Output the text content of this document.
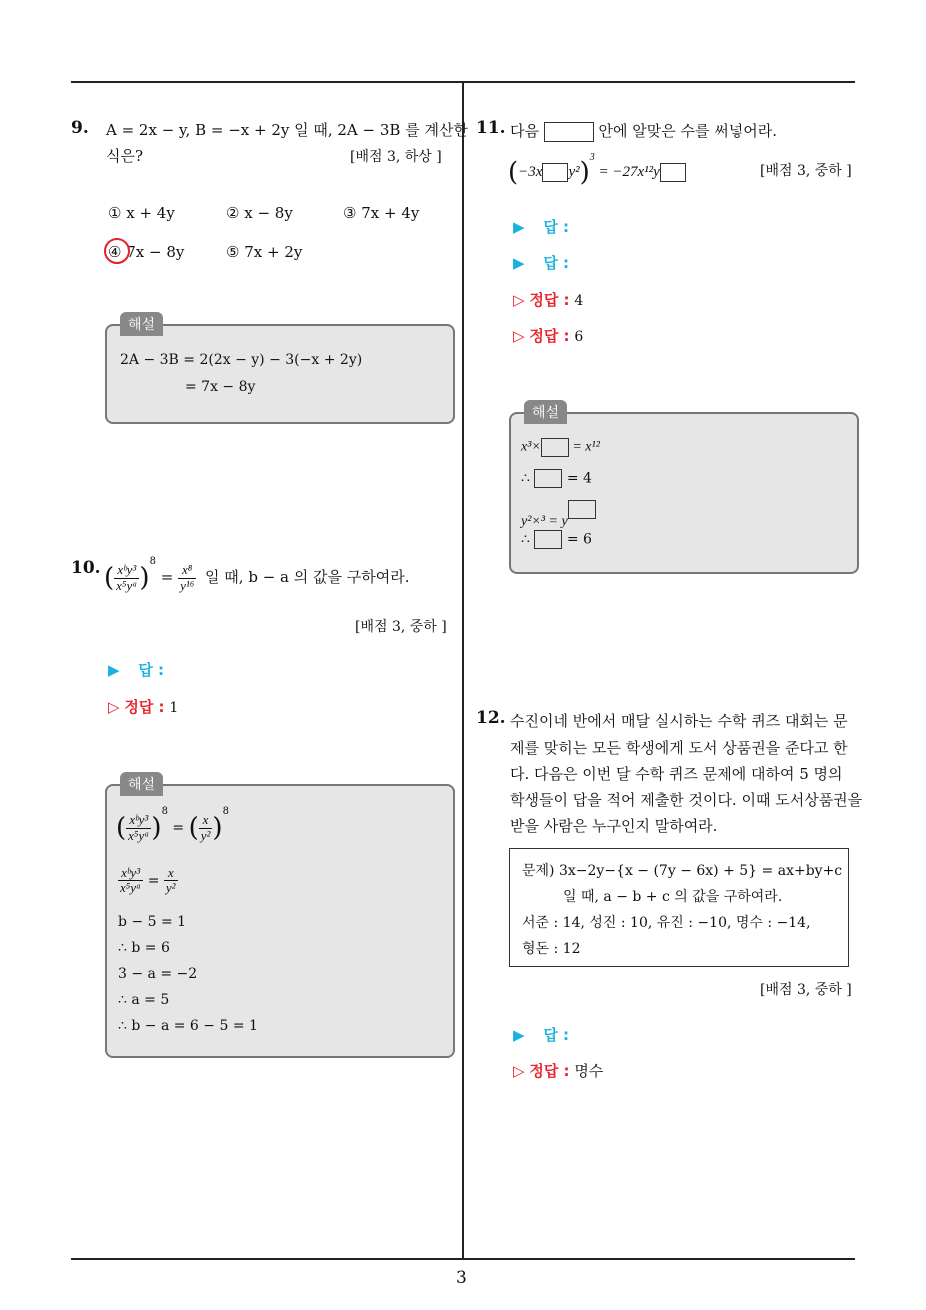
3
9. A = 2x − y, B = −x + 2y 일 때, 2A − 3B 를 계산한
식은?	[배점 3, 하상 ]
① x + 4y	② x − 8y	③ 7x + 4y
④ 7x − 8y	⑤ 7x + 2y
해설
2A − 3B = 2(2x − y) − 3(−x + 2y)
= 7x − 8y
10. ( $\frac{\text{xᵇy³}}{\text{x⁵yᵃ}} )^8 = \frac{\text{x⁸}}{\text{y¹⁶}}$ 일 때, b − a 의 값을 구하여라.
[배점 3, 중하 ]
▶ 답 :
▷ 정답 : 1
해설
( $\frac{\text{xᵇy³}}{\text{x⁵yᵃ}} )^8$ = ( $\frac{x}{\text{y²}} )^8$
$\frac{\text{xᵇy³}}{\text{x⁵yᵃ}} = \frac{x}{\text{y²}}$
b − 5 = 1
∴ b = 6
3 − a = −2
∴ a = 5
∴ b − a = 6 − 5 = 1
11. 다음	안에 알맞은 수를 써넣어라.
(−3x y²)$^3$ = −27x¹²y	[배점 3, 중하 ]
▶ 답 :
▶ 답 :
▷ 정답 : 4
▷ 정답 : 6
해설
x³× = x¹²
∴	= 4
y²×³ = y
∴	= 6
12. 수진이네 반에서 매달 실시하는 수학 퀴즈 대회는 문
제를 맞히는 모든 학생에게 도서 상품권을 준다고 한
다. 다음은 이번 달 수학 퀴즈 문제에 대하여 5 명의
학생들이 답을 적어 제출한 것이다. 이때 도서상품권을
받을 사람은 누구인지 말하여라.
문제) 3x−2y−{x − (7y − 6x) + 5} = ax+by+c
일 때, a − b + c 의 값을 구하여라.
서준 : 14, 성진 : 10, 유진 : −10, 명수 : −14,
형돈 : 12
[배점 3, 중하 ]
▶ 답 :
▷ 정답 : 명수
